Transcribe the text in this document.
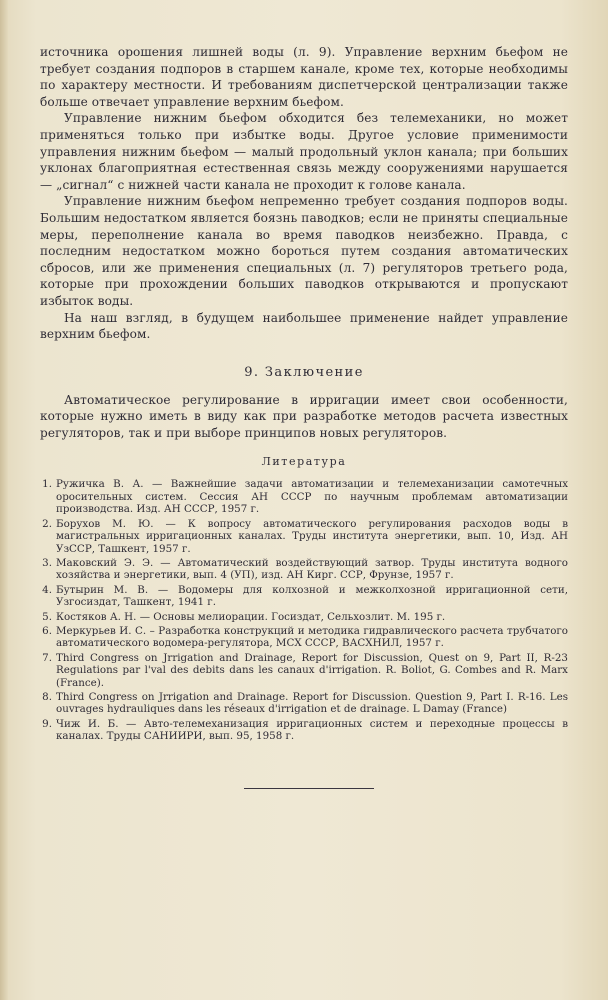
источника орошения лишней воды (л. 9). Управление верхним бьефом не требует создания подпоров в старшем канале, кроме тех, которые необходимы по характеру местности. И требованиям диспетчерской централизации также больше отвечает управление верхним бьефом.

Управление нижним бьефом обходится без телемеханики, но может применяться только при избытке воды. Другое условие применимости управления нижним бьефом — малый продольный уклон канала; при больших уклонах благоприятная естественная связь между сооружениями нарушается — „сигнал“ с нижней части канала не проходит к голове канала.

Управление нижним бьефом непременно требует создания подпоров воды. Большим недостатком является боязнь паводков; если не приняты специальные меры, переполнение канала во время паводков неизбежно. Правда, с последним недостатком можно бороться путем создания автоматических сбросов, или же применения специальных (л. 7) регуляторов третьего рода, которые при прохождении больших паводков открываются и пропускают избыток воды.

На наш взгляд, в будущем наибольшее применение найдет управление верхним бьефом.

9. Заключение

Автоматическое регулирование в ирригации имеет свои особенности, которые нужно иметь в виду как при разработке методов расчета известных регуляторов, так и при выборе принципов новых регуляторов.

Литература
1. Ружичка В. А. — Важнейшие задачи автоматизации и телемеханизации самотечных оросительных систем. Сессия АН СССР по научным проблемам автоматизации производства. Изд. АН СССР, 1957 г.
2. Борухов М. Ю. — К вопросу автоматического регулирования расходов воды в магистральных ирригационных каналах. Труды института энергетики, вып. 10, Изд. АН УзССР, Ташкент, 1957 г.
3. Маковский Э. Э. — Автоматический воздействующий затвор. Труды института водного хозяйства и энергетики, вып. 4 (УП), изд. АН Кирг. ССР, Фрунзе, 1957 г.
4. Бутырин М. В. — Водомеры для колхозной и межколхозной ирригационной сети, Узгосиздат, Ташкент, 1941 г.
5. Костяков А. Н. — Основы мелиорации. Госиздат, Сельхозлит. М. 195 г.
6. Меркурьев И. С. – Разработка конструкций и методика гидравлического расчета трубчатого автоматического водомера-регулятора, МСХ СССР, ВАСХНИЛ, 1957 г.
7. Third Congress on Jrrigation and Drainage, Report for Discussion, Quest on 9, Part II, R-23 Regulations par l'val des debits dans les canaux d'irrigation. R. Boliot, G. Combes and R. Marx (France).
8. Third Congress on Jrrigation and Drainage. Report for Discussion. Question 9, Part I. R-16. Les ouvrages hydrauliques dans les réseaux d'irrigation et de drainage. L Damay (France)
9. Чиж И. Б. — Авто-телемеханизация ирригационных систем и переходные процессы в каналах. Труды САНИИРИ, вып. 95, 1958 г.
